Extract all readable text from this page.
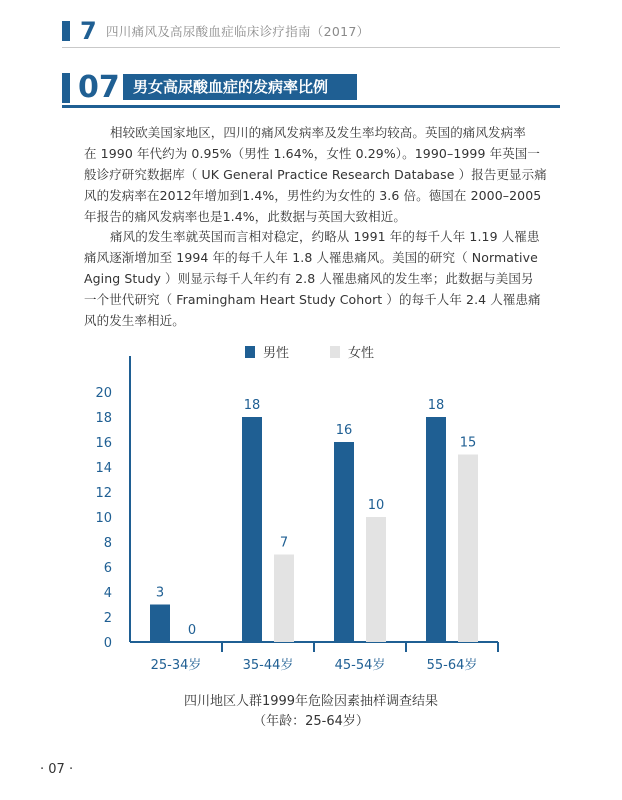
7 四川痛风及高尿酸血症临床诊疗指南（2017）
07 男女高尿酸血症的发病率比例
相较欧美国家地区，四川的痛风发病率及发生率均较高。英国的痛风发病率
在 1990 年代约为 0.95%（男性 1.64%，女性 0.29%）。1990–1999 年英国一
般诊疗研究数据库（ UK General Practice Research Database ）报告更显示痛
风的发病率在2012年增加到1.4%，男性约为女性的 3.6 倍。德国在 2000–2005
年报告的痛风发病率也是1.4%，此数据与英国大致相近。
痛风的发生率就英国而言相对稳定，约略从 1991 年的每千人年 1.19 人罹患
痛风逐渐增加至 1994 年的每千人年 1.8 人罹患痛风。美国的研究（ Normative
Aging Study ）则显示每千人年约有 2.8 人罹患痛风的发生率；此数据与美国另
一个世代研究（ Framingham Heart Study Cohort ）的每千人年 2.4 人罹患痛
风的发生率相近。
0
2
4
6
8
10
12
14
16
18
20
25-34岁	35-44岁	45-54岁	55-64岁
3
0
18
7
16
10
18
15
男性	女性
四川地区人群1999年危险因素抽样调查结果
（年龄：25-64岁）
· 07 ·
